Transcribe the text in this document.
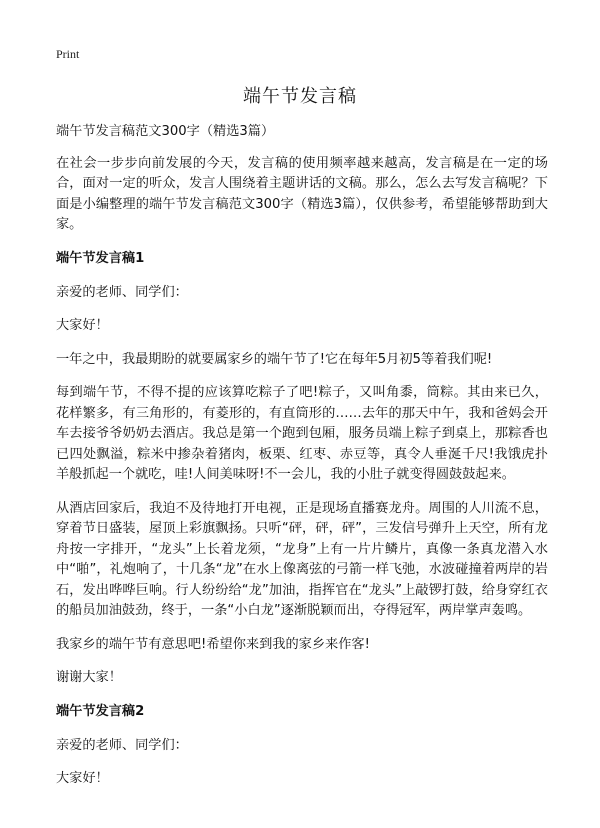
Print
端午节发言稿

端午节发言稿范文300字（精选3篇）

在社会一步步向前发展的今天，发言稿的使用频率越来越高，发言稿是在一定的场合，面对一定的听众，发言人围绕着主题讲话的文稿。那么，怎么去写发言稿呢？下面是小编整理的端午节发言稿范文300字（精选3篇），仅供参考，希望能够帮助到大家。

端午节发言稿1

亲爱的老师、同学们：

大家好！

一年之中，我最期盼的就要属家乡的端午节了!它在每年5月初5等着我们呢!

每到端午节，不得不提的应该算吃粽子了吧!粽子，又叫角黍，筒粽。其由来已久，花样繁多，有三角形的，有菱形的，有直筒形的……去年的那天中午，我和爸妈会开车去接爷爷奶奶去酒店。我总是第一个跑到包厢，服务员端上粽子到桌上，那粽香也已四处飘溢，粽米中掺杂着猪肉，板栗、红枣、赤豆等，真令人垂涎千尺!我饿虎扑羊般抓起一个就吃，哇!人间美味呀!不一会儿，我的小肚子就变得圆鼓鼓起来。

从酒店回家后，我迫不及待地打开电视，正是现场直播赛龙舟。周围的人川流不息，穿着节日盛装，屋顶上彩旗飘扬。只听“砰，砰，砰”，三发信号弹升上天空，所有龙舟按一字排开，“龙头”上长着龙须，“龙身”上有一片片鳞片，真像一条真龙潜入水中“啪”，礼炮响了，十几条“龙”在水上像离弦的弓箭一样飞弛，水波碰撞着两岸的岩石，发出哗哗巨响。行人纷纷给“龙”加油，指挥官在“龙头”上敲锣打鼓，给身穿红衣的船员加油鼓劲，终于，一条“小白龙”逐渐脱颖而出，夺得冠军，两岸掌声轰鸣。

我家乡的端午节有意思吧!希望你来到我的家乡来作客!

谢谢大家！

端午节发言稿2

亲爱的老师、同学们：

大家好！
